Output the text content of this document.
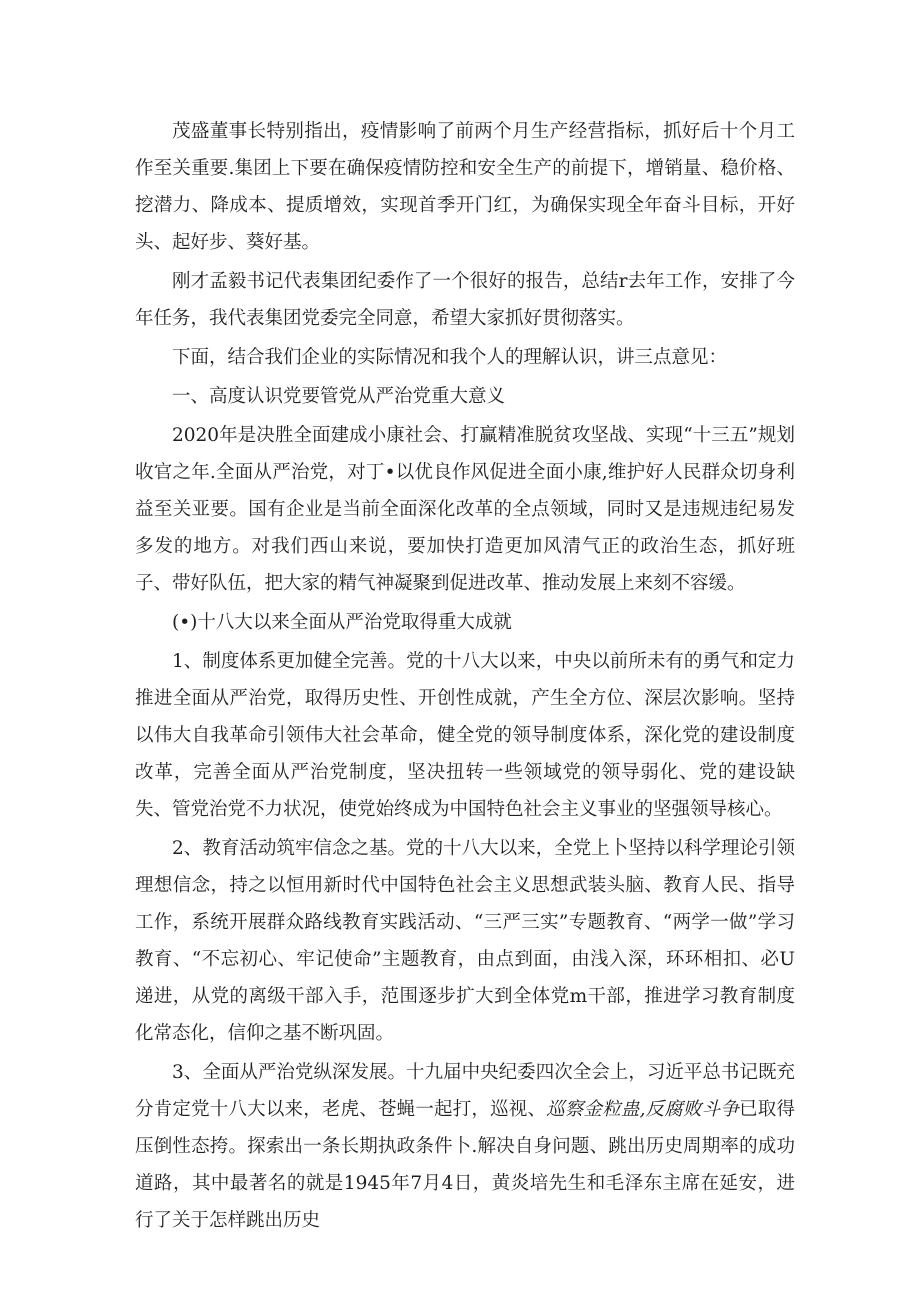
茂盛董事长特别指出，疫情影响了前两个月生产经营指标，抓好后十个月工作至关重要.集团上下要在确保疫情防控和安全生产的前提下，增销量、稳价格、挖潜力、降成本、提质增效，实现首季开门红，为确保实现全年奋斗目标，开好头、起好步、葵好基。

刚才孟毅书记代表集团纪委作了一个很好的报告，总结r去年工作，安排了今年任务，我代表集团党委完全同意，希望大家抓好贯彻落实。

下面，结合我们企业的实际情况和我个人的理解认识，讲三点意见：

一、高度认识党要管党从严治党重大意义

2020年是决胜全面建成小康社会、打赢精准脱贫攻坚战、实现“十三五”规划收官之年.全面从严治党，对丁•以优良作风促进全面小康,维护好人民群众切身利益至关亚要。国有企业是当前全面深化改革的全点领域，同时又是违规违纪易发多发的地方。对我们西山来说，要加快打造更加风清气正的政治生态，抓好班子、带好队伍，把大家的精气神凝聚到促进改革、推动发展上来刻不容缓。

(•)十八大以来全面从严治党取得重大成就

1、制度体系更加健全完善。党的十八大以来，中央以前所未有的勇气和定力推进全面从严治党，取得历史性、开创性成就，产生全方位、深层次影响。坚持以伟大自我革命引领伟大社会革命，健全党的领导制度体系，深化党的建设制度改革，完善全面从严治党制度，坚决扭转一些领域党的领导弱化、党的建设缺失、管党治党不力状况，使党始终成为中国特色社会主义事业的坚强领导核心。

2、教育活动筑牢信念之基。党的十八大以来，全党上卜坚持以科学理论引领理想信念，持之以恒用新时代中国特色社会主义思想武装头脑、教育人民、指导工作，系统开展群众路线教育实践活动、“三严三实”专题教育、“两学一做”学习教育、“不忘初心、牢记使命”主题教育，由点到面，由浅入深，环环相扣、必U递进，从党的离级干部入手，范围逐步扩大到全体党m干部，推进学习教育制度化常态化，信仰之基不断巩固。

3、全面从严治党纵深发展。十九届中央纪委四次全会上，习近平总书记既充分肯定党十八大以来，老虎、苍蝇一起打，巡视、巡察金粒蛊,反腐败斗争已取得压倒性态挎。探索出一条长期执政条件卜.解决自身问题、跳出历史周期率的成功道路，其中最著名的就是1945年7月4日，黄炎培先生和毛泽东主席在延安，进行了关于怎样跳出历史
